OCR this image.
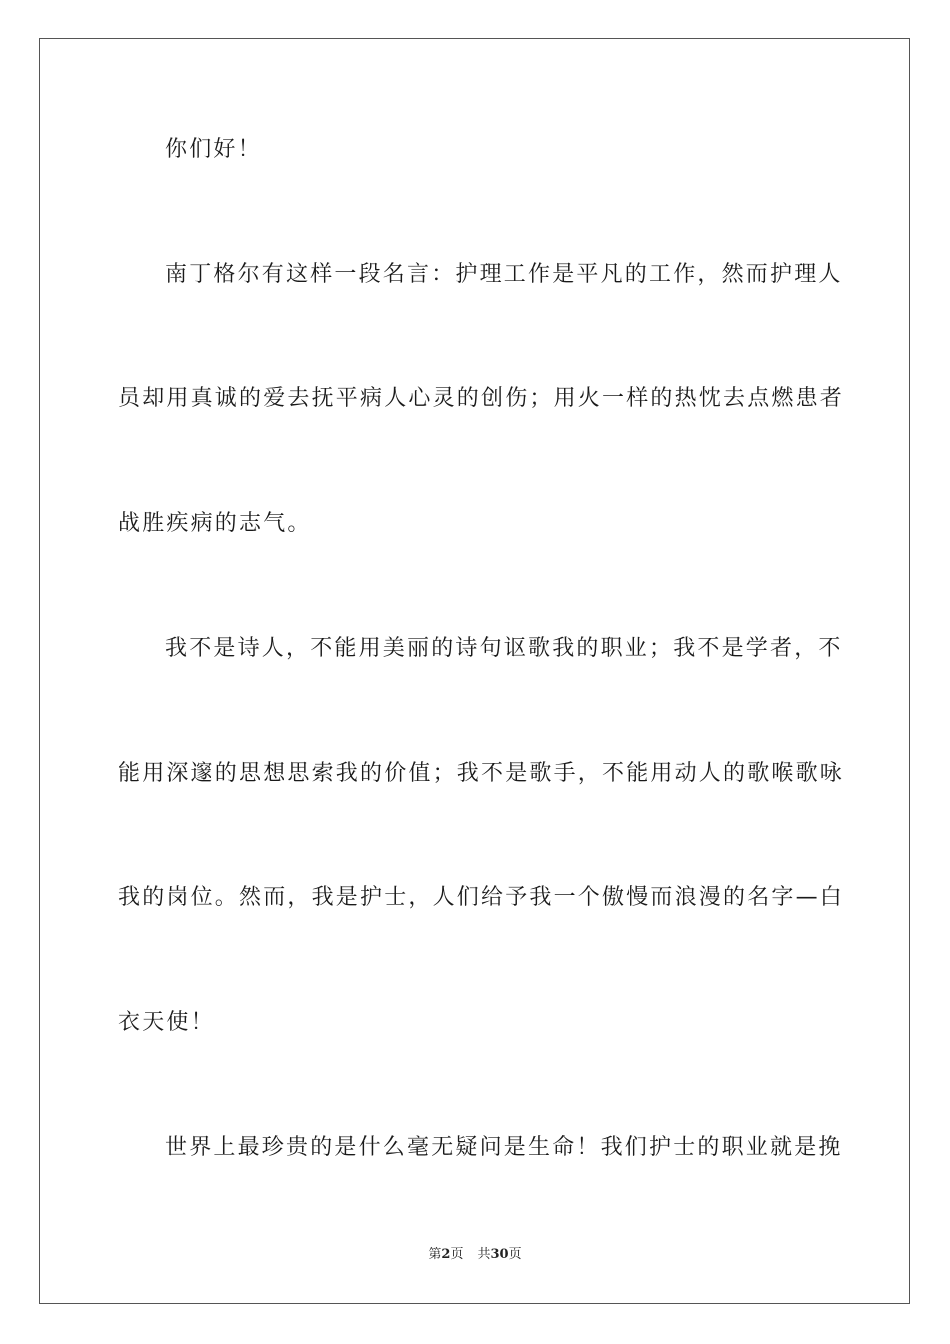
你们好！
南丁格尔有这样一段名言：护理工作是平凡的工作，然而护理人
员却用真诚的爱去抚平病人心灵的创伤；用火一样的热忱去点燃患者
战胜疾病的志气。
我不是诗人，不能用美丽的诗句讴歌我的职业；我不是学者，不
能用深邃的思想思索我的价值；我不是歌手，不能用动人的歌喉歌咏
我的岗位。然而，我是护士，人们给予我一个傲慢而浪漫的名字—白
衣天使！
世界上最珍贵的是什么毫无疑问是生命！我们护士的职业就是挽
第2页 共30页
